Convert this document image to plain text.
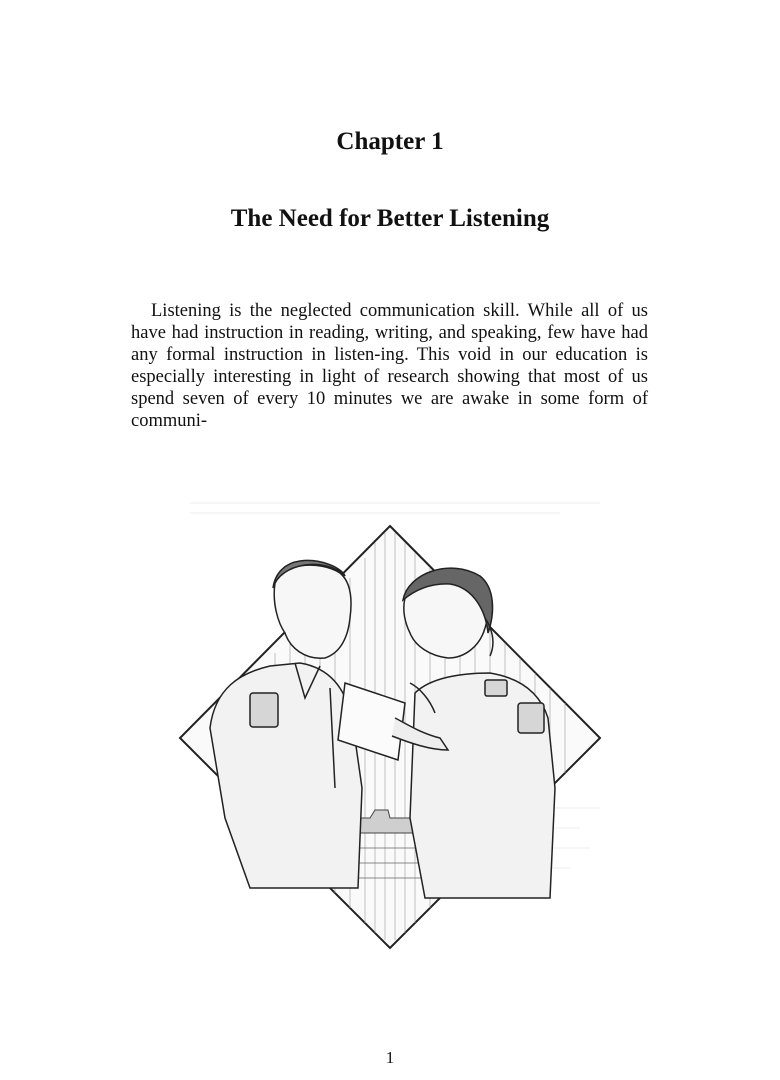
Chapter 1
The Need for Better Listening

Listening is the neglected communication skill. While all of us have had instruction in reading, writing, and speaking, few have had any formal instruction in listen-ing. This void in our education is especially interesting in light of research showing that most of us spend seven of every 10 minutes we are awake in some form of communi-

1
